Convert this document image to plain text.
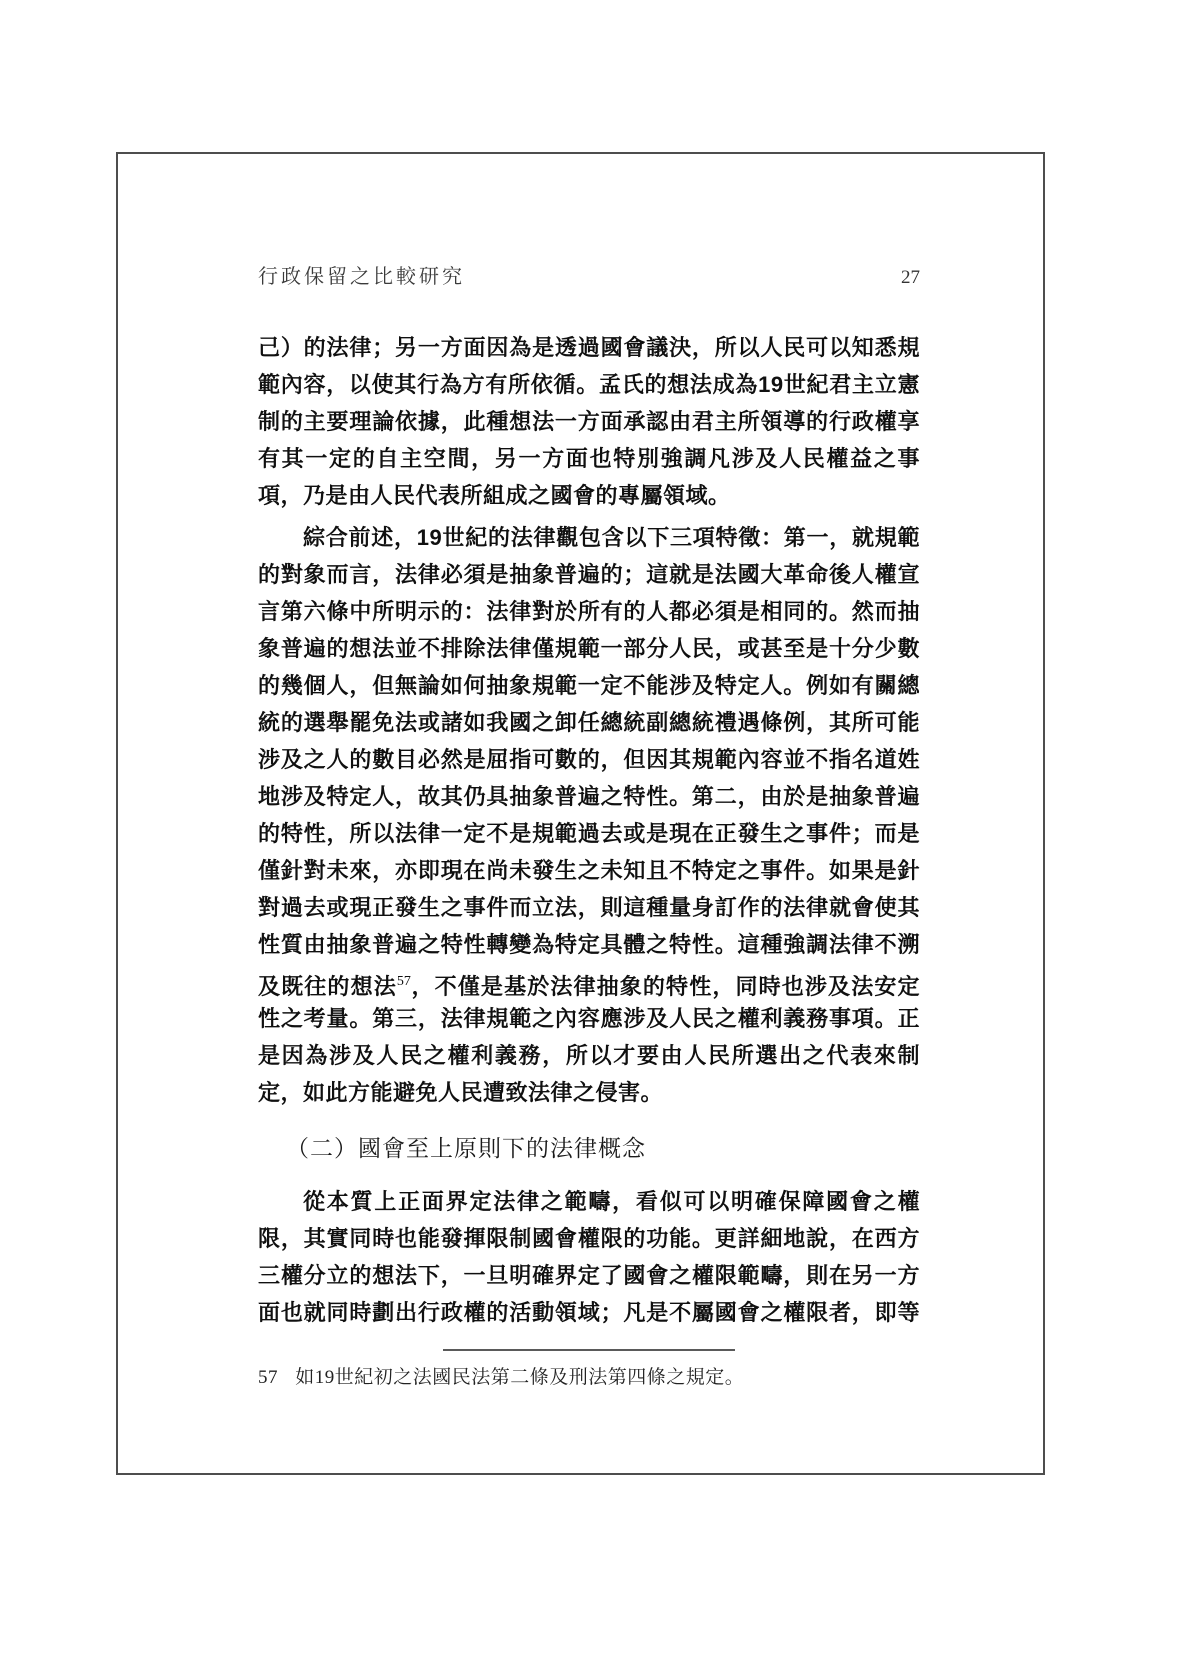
行政保留之比較研究	27
己）的法律；另一方面因為是透過國會議決，所以人民可以知悉規
範內容，以使其行為方有所依循。孟氏的想法成為19世紀君主立憲
制的主要理論依據，此種想法一方面承認由君主所領導的行政權享
有其一定的自主空間，另一方面也特別強調凡涉及人民權益之事
項，乃是由人民代表所組成之國會的專屬領域。
綜合前述，19世紀的法律觀包含以下三項特徵：第一，就規範
的對象而言，法律必須是抽象普遍的；這就是法國大革命後人權宣
言第六條中所明示的：法律對於所有的人都必須是相同的。然而抽
象普遍的想法並不排除法律僅規範一部分人民，或甚至是十分少數
的幾個人，但無論如何抽象規範一定不能涉及特定人。例如有關總
統的選舉罷免法或諸如我國之卸任總統副總統禮遇條例，其所可能
涉及之人的數目必然是屈指可數的，但因其規範內容並不指名道姓
地涉及特定人，故其仍具抽象普遍之特性。第二，由於是抽象普遍
的特性，所以法律一定不是規範過去或是現在正發生之事件；而是
僅針對未來，亦即現在尚未發生之未知且不特定之事件。如果是針
對過去或現正發生之事件而立法，則這種量身訂作的法律就會使其
性質由抽象普遍之特性轉變為特定具體之特性。這種強調法律不溯
及既往的想法$^{57}$，不僅是基於法律抽象的特性，同時也涉及法安定
性之考量。第三，法律規範之內容應涉及人民之權利義務事項。正
是因為涉及人民之權利義務，所以才要由人民所選出之代表來制
定，如此方能避免人民遭致法律之侵害。
（二）國會至上原則下的法律概念
從本質上正面界定法律之範疇，看似可以明確保障國會之權
限，其實同時也能發揮限制國會權限的功能。更詳細地說，在西方
三權分立的想法下，一旦明確界定了國會之權限範疇，則在另一方
面也就同時劃出行政權的活動領域；凡是不屬國會之權限者，即等
57 如19世紀初之法國民法第二條及刑法第四條之規定。
